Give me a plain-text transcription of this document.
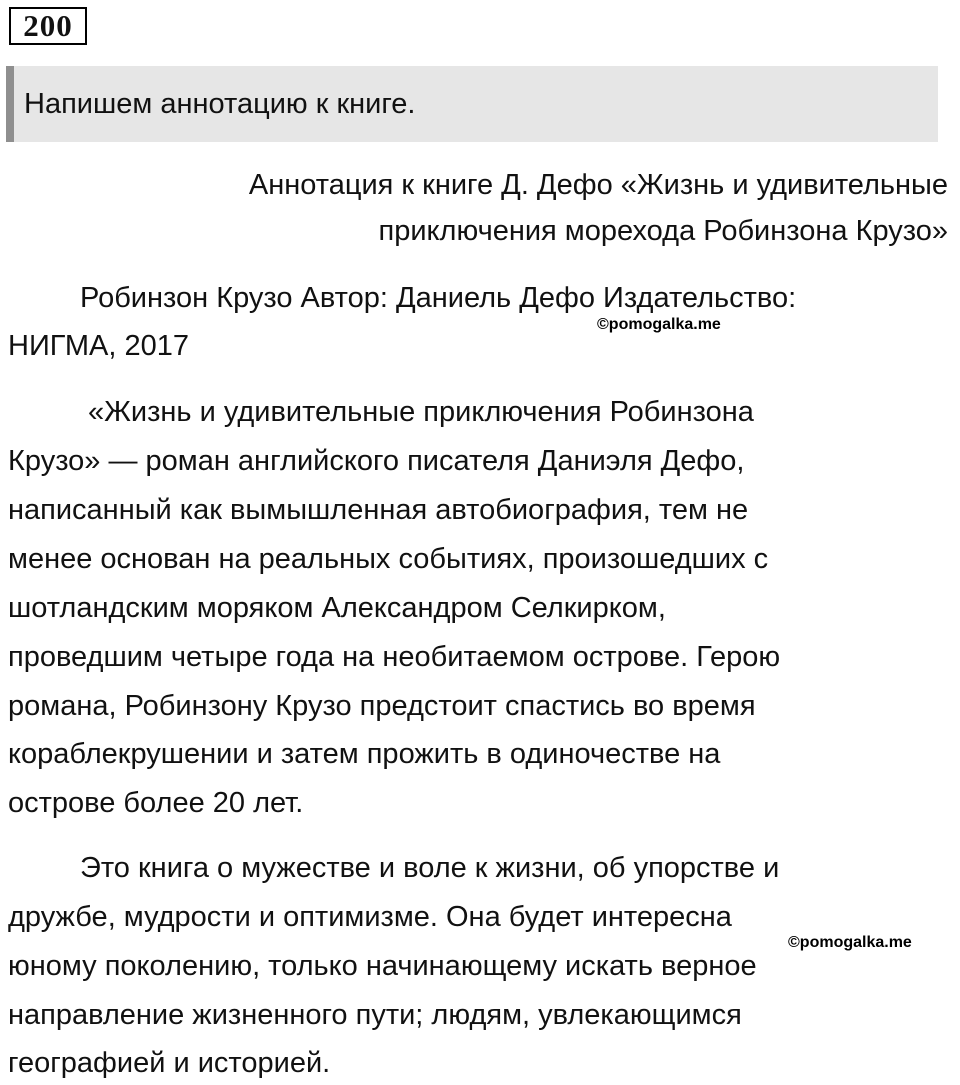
200
Напишем аннотацию к книге.
Аннотация к книге Д. Дефо «Жизнь и удивительные
приключения морехода Робинзона Крузо»
Робинзон Крузо Автор: Даниель Дефо Издательство:
©pomogalka.me
НИГМА, 2017
«Жизнь и удивительные приключения Робинзона
Крузо» — роман английского писателя Даниэля Дефо,
написанный как вымышленная автобиография, тем не
менее основан на реальных событиях, произошедших с
шотландским моряком Александром Селкирком,
проведшим четыре года на необитаемом острове. Герою
романа, Робинзону Крузо предстоит спастись во время
кораблекрушении и затем прожить в одиночестве на
острове более 20 лет.
Это книга о мужестве и воле к жизни, об упорстве и
дружбе, мудрости и оптимизме. Она будет интересна
©pomogalka.me
юному поколению, только начинающему искать верное
направление жизненного пути; людям, увлекающимся
географией и историей.
